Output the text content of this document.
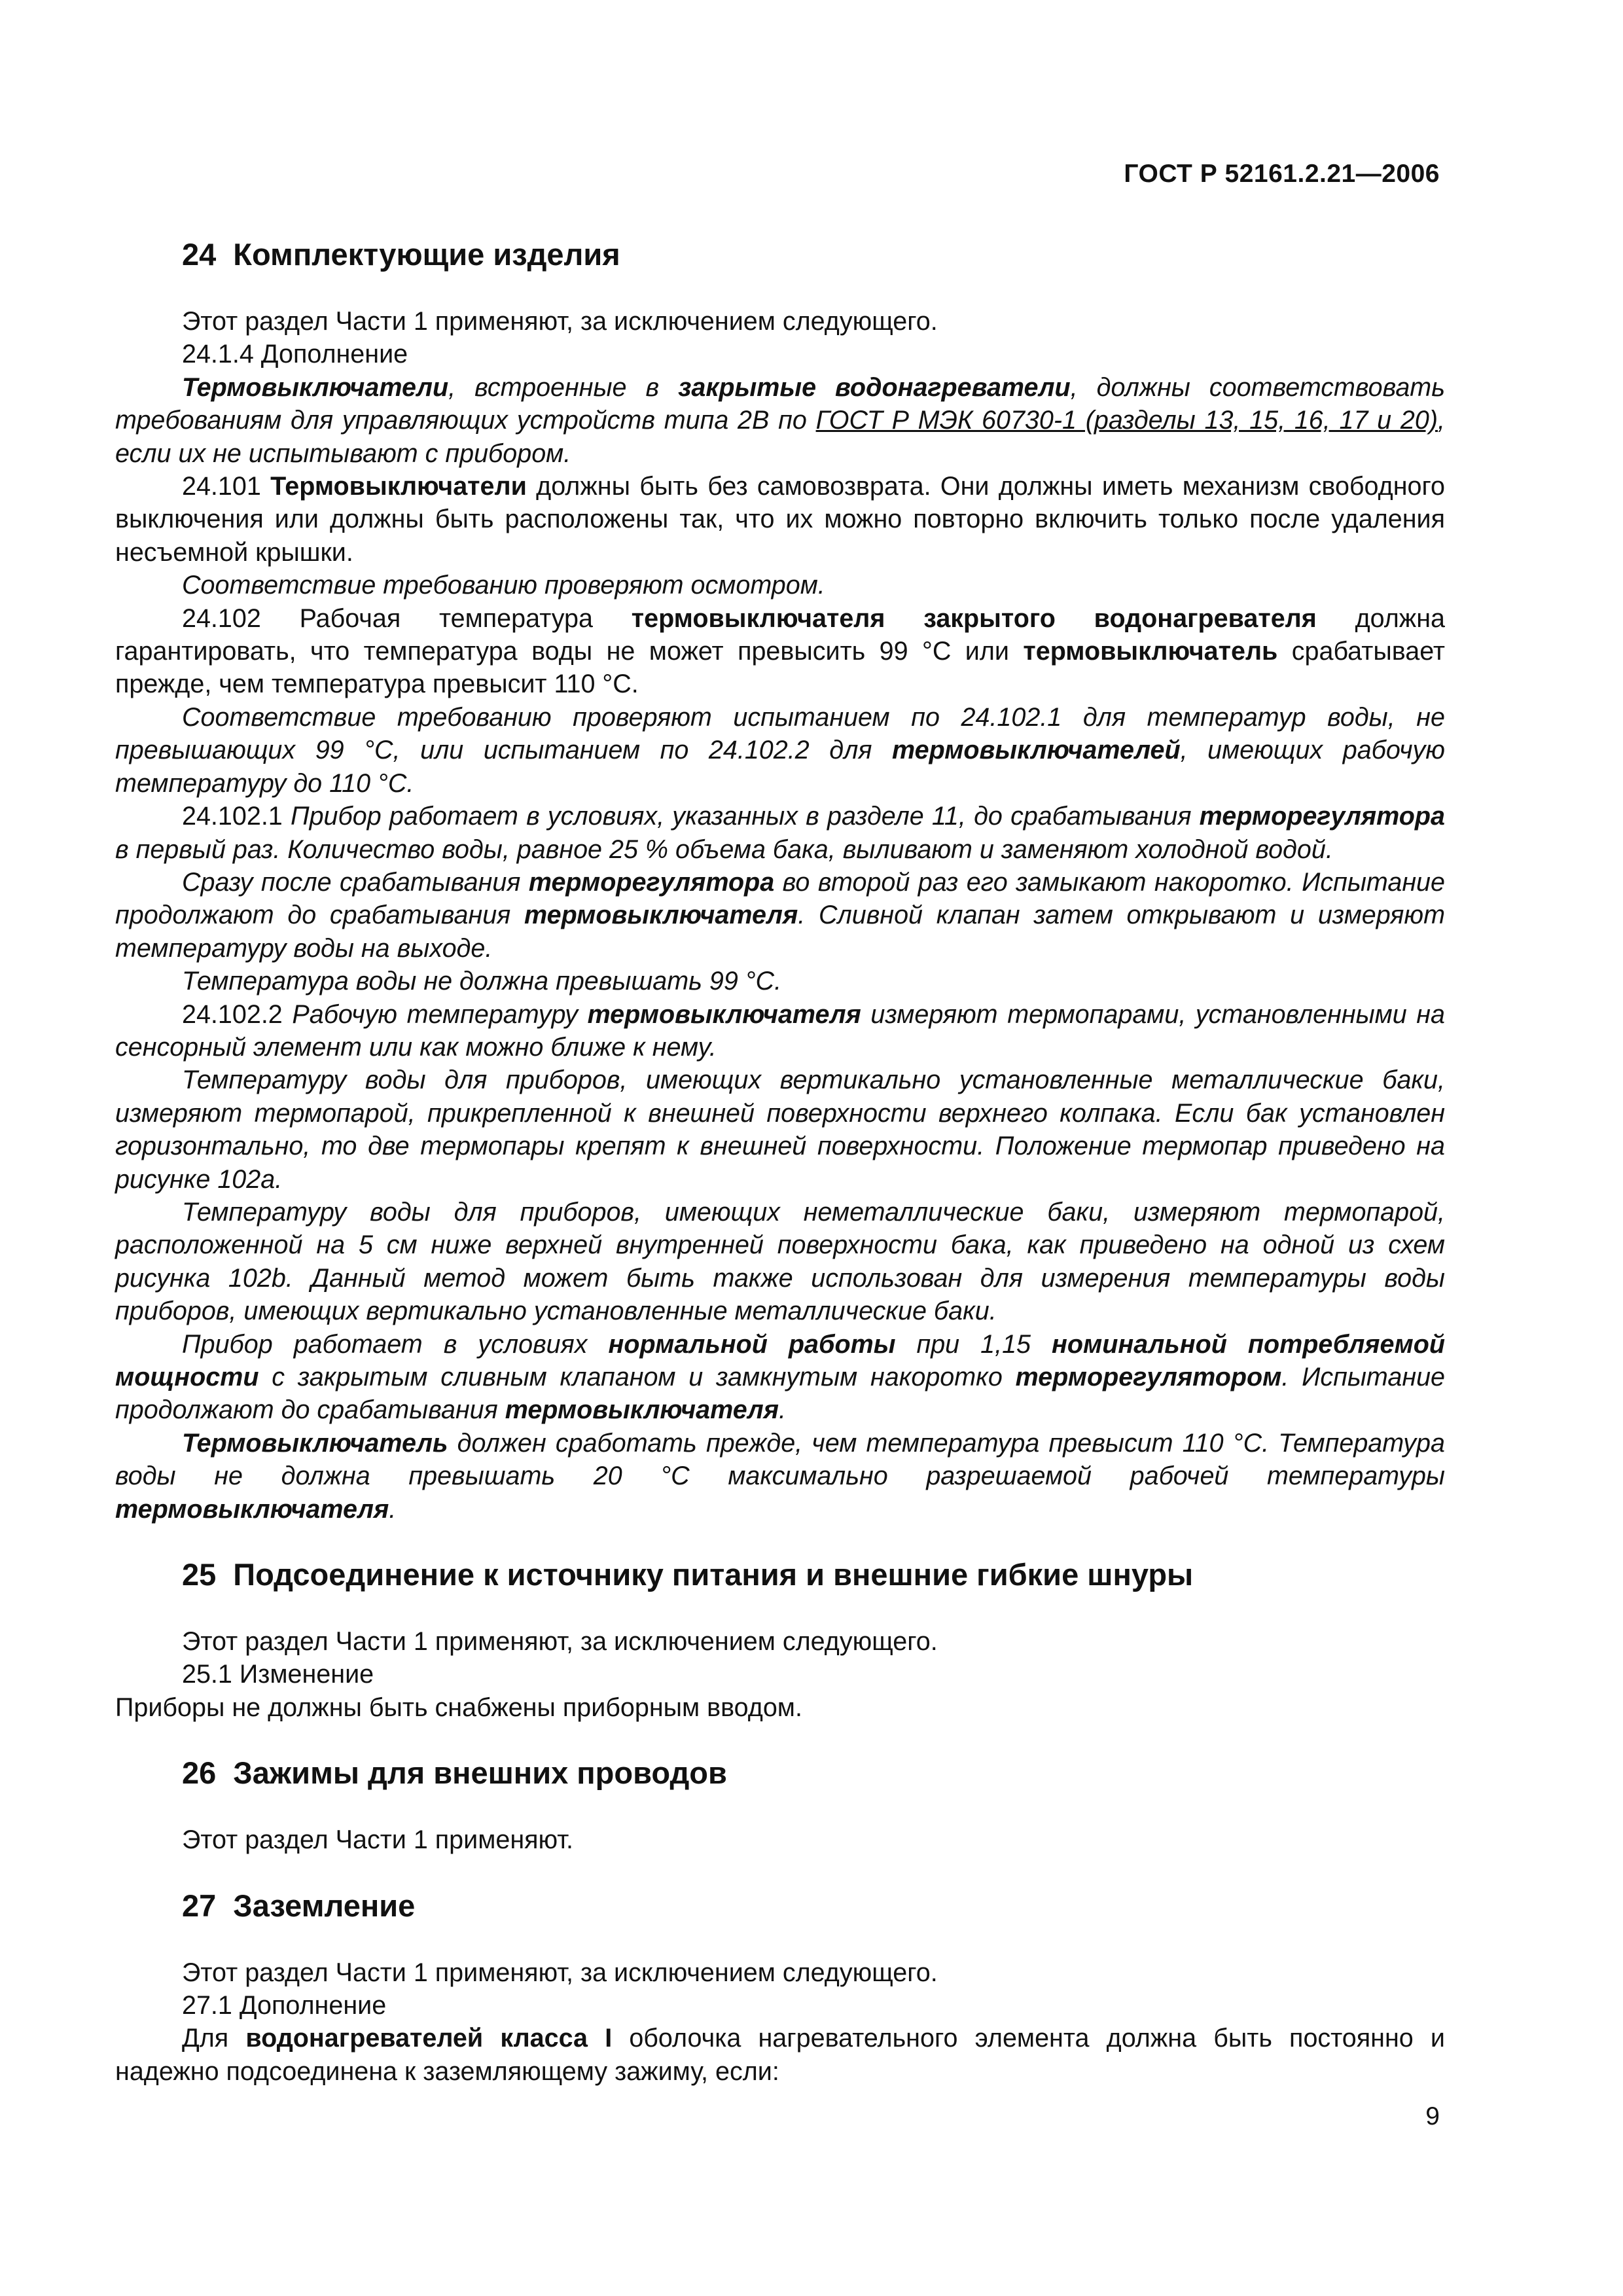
ГОСТ Р 52161.2.21—2006
24 Комплектующие изделия

Этот раздел Части 1 применяют, за исключением следующего.

24.1.4 Дополнение

Термовыключатели, встроенные в закрытые водонагреватели, должны соответствовать требованиям для управляющих устройств типа 2В по ГОСТ Р МЭК 60730-1 (разделы 13, 15, 16, 17 и 20), если их не испытывают с прибором.

24.101 Термовыключатели должны быть без самовозврата. Они должны иметь механизм свободного выключения или должны быть расположены так, что их можно повторно включить только после удаления несъемной крышки.

Соответствие требованию проверяют осмотром.

24.102 Рабочая температура термовыключателя закрытого водонагревателя должна гарантировать, что температура воды не может превысить 99 °С или термовыключатель срабатывает прежде, чем температура превысит 110 °С.

Соответствие требованию проверяют испытанием по 24.102.1 для температур воды, не превышающих 99 °С, или испытанием по 24.102.2 для термовыключателей, имеющих рабочую температуру до 110 °С.

24.102.1 Прибор работает в условиях, указанных в разделе 11, до срабатывания терморегулятора в первый раз. Количество воды, равное 25 % объема бака, выливают и заменяют холодной водой.

Сразу после срабатывания терморегулятора во второй раз его замыкают накоротко. Испытание продолжают до срабатывания термовыключателя. Сливной клапан затем открывают и измеряют температуру воды на выходе.

Температура воды не должна превышать 99 °С.

24.102.2 Рабочую температуру термовыключателя измеряют термопарами, установленными на сенсорный элемент или как можно ближе к нему.

Температуру воды для приборов, имеющих вертикально установленные металлические баки, измеряют термопарой, прикрепленной к внешней поверхности верхнего колпака. Если бак установлен горизонтально, то две термопары крепят к внешней поверхности. Положение термопар приведено на рисунке 102а.

Температуру воды для приборов, имеющих неметаллические баки, измеряют термопарой, расположенной на 5 см ниже верхней внутренней поверхности бака, как приведено на одной из схем рисунка 102b. Данный метод может быть также использован для измерения температуры воды приборов, имеющих вертикально установленные металлические баки.

Прибор работает в условиях нормальной работы при 1,15 номинальной потребляемой мощности с закрытым сливным клапаном и замкнутым накоротко терморегулятором. Испытание продолжают до срабатывания термовыключателя.

Термовыключатель должен сработать прежде, чем температура превысит 110 °С. Температура воды не должна превышать 20 °С максимально разрешаемой рабочей температуры термовыключателя.

25 Подсоединение к источнику питания и внешние гибкие шнуры

Этот раздел Части 1 применяют, за исключением следующего.

25.1 Изменение

Приборы не должны быть снабжены приборным вводом.

26 Зажимы для внешних проводов

Этот раздел Части 1 применяют.

27 Заземление

Этот раздел Части 1 применяют, за исключением следующего.

27.1 Дополнение

Для водонагревателей класса I оболочка нагревательного элемента должна быть постоянно и надежно подсоединена к заземляющему зажиму, если:

9
